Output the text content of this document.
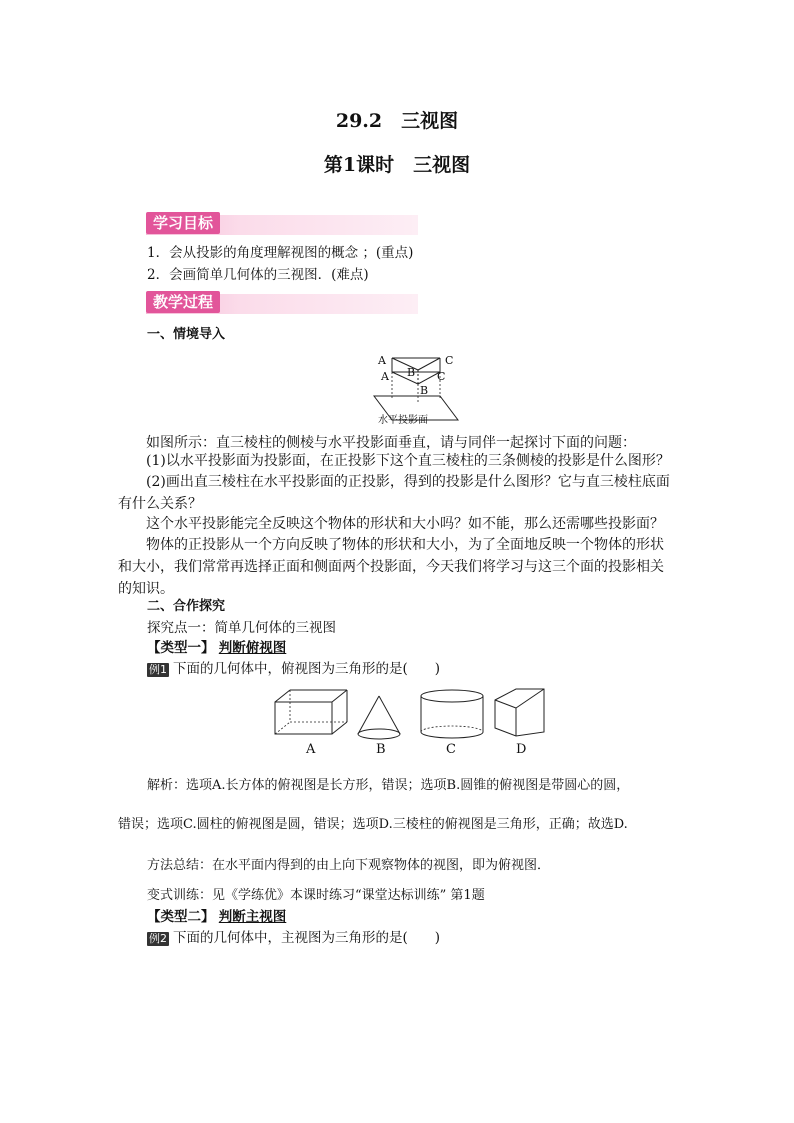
29.2　三视图
第1课时　三视图
学习目标
1．会从投影的角度理解视图的概念 ；(重点)
2．会画简单几何体的三视图．(难点)
教学过程
一、情境导入
A	C
A B C
B
水平投影面
如图所示：直三棱柱的侧棱与水平投影面垂直，请与同伴一起探讨下面的问题：
(1)以水平投影面为投影面，在正投影下这个直三棱柱的三条侧棱的投影是什么图形？
(2)画出直三棱柱在水平投影面的正投影，得到的投影是什么图形？它与直三棱柱底面有什么关系？
这个水平投影能完全反映这个物体的形状和大小吗？如不能，那么还需哪些投影面？
物体的正投影从一个方向反映了物体的形状和大小，为了全面地反映一个物体的形状和大小，我们常常再选择正面和侧面两个投影面，今天我们将学习与这三个面的投影相关的知识。
二、合作探究
探究点一：简单几何体的三视图
【类型一】 判断俯视图
例1 下面的几何体中，俯视图为三角形的是(　　)
A	B	C	D
解析：选项A.长方体的俯视图是长方形，错误；选项B.圆锥的俯视图是带圆心的圆，
错误；选项C.圆柱的俯视图是圆，错误；选项D.三棱柱的俯视图是三角形，正确；故选D.
方法总结：在水平面内得到的由上向下观察物体的视图，即为俯视图．
变式训练：见《学练优》本课时练习“课堂达标训练” 第1题
【类型二】 判断主视图
例2 下面的几何体中，主视图为三角形的是(　　)
